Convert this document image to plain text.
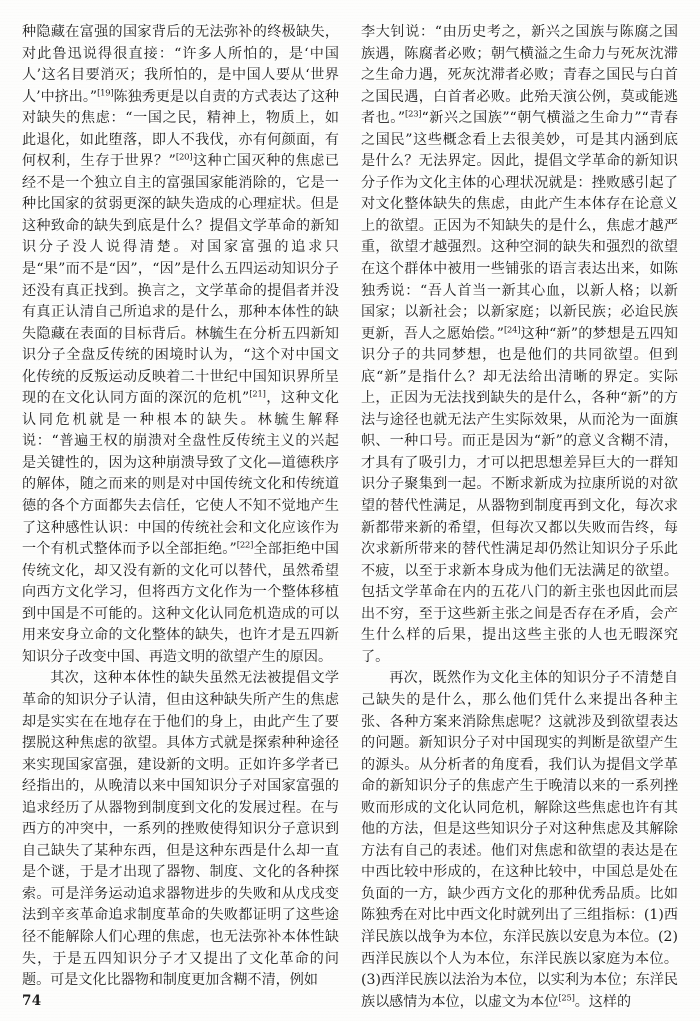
种隐藏在富强的国家背后的无法弥补的终极缺失，对此鲁迅说得很直接：“许多人所怕的，是‘中国人’这名目要消灭；我所怕的，是中国人要从‘世界人’中挤出。”[19]陈独秀更是以自责的方式表达了这种对缺失的焦虑：“一国之民，精神上，物质上，如此退化，如此堕落，即人不我伐，亦有何颜面，有何权利，生存于世界？”[20]这种亡国灭种的焦虑已经不是一个独立自主的富强国家能消除的，它是一种比国家的贫弱更深的缺失造成的心理症状。但是这种致命的缺失到底是什么？提倡文学革命的新知识分子没人说得清楚。对国家富强的追求只是“果”而不是“因”，“因”是什么五四运动知识分子还没有真正找到。换言之，文学革命的提倡者并没有真正认清自己所追求的是什么，那种本体性的缺失隐藏在表面的目标背后。林毓生在分析五四新知识分子全盘反传统的困境时认为，“这个对中国文化传统的反叛运动反映着二十世纪中国知识界所呈现的在文化认同方面的深沉的危机”[21]，这种文化认同危机就是一种根本的缺失。林毓生解释说：“普遍王权的崩溃对全盘性反传统主义的兴起是关键性的，因为这种崩溃导致了文化—道德秩序的解体，随之而来的则是对中国传统文化和传统道德的各个方面都失去信任，它使人不知不觉地产生了这种感性认识：中国的传统社会和文化应该作为一个有机式整体而予以全部拒绝。”[22]全部拒绝中国传统文化，却又没有新的文化可以替代，虽然希望向西方文化学习，但将西方文化作为一个整体移植到中国是不可能的。这种文化认同危机造成的可以用来安身立命的文化整体的缺失，也许才是五四新知识分子改变中国、再造文明的欲望产生的原因。

其次，这种本体性的缺失虽然无法被提倡文学革命的知识分子认清，但由这种缺失所产生的焦虑却是实实在在地存在于他们的身上，由此产生了要摆脱这种焦虑的欲望。具体方式就是探索种种途径来实现国家富强，建设新的文明。正如许多学者已经指出的，从晚清以来中国知识分子对国家富强的追求经历了从器物到制度到文化的发展过程。在与西方的冲突中，一系列的挫败使得知识分子意识到自己缺失了某种东西，但是这种东西是什么却一直是个谜，于是才出现了器物、制度、文化的各种探索。可是洋务运动追求器物进步的失败和从戊戌变法到辛亥革命追求制度革命的失败都证明了这些途径不能解除人们心理的焦虑，也无法弥补本体性缺失，于是五四知识分子才又提出了文化革命的问题。可是文化比器物和制度更加含糊不清，例如

李大钊说：“由历史考之，新兴之国族与陈腐之国族遇，陈腐者必败；朝气横溢之生命力与死灰沈滞之生命力遇，死灰沈滞者必败；青春之国民与白首之国民遇，白首者必败。此殆天演公例，莫或能逃者也。”[23]“新兴之国族”“朝气横溢之生命力”“青春之国民”这些概念看上去很美妙，可是其内涵到底是什么？无法界定。因此，提倡文学革命的新知识分子作为文化主体的心理状况就是：挫败感引起了对文化整体缺失的焦虑，由此产生本体存在论意义上的欲望。正因为不知缺失的是什么，焦虑才越严重，欲望才越强烈。这种空洞的缺失和强烈的欲望在这个群体中被用一些铺张的语言表达出来，如陈独秀说：“吾人首当一新其心血，以新人格；以新国家；以新社会；以新家庭；以新民族；必迨民族更新，吾人之愿始偿。”[24]这种“新”的梦想是五四知识分子的共同梦想，也是他们的共同欲望。但到底“新”是指什么？却无法给出清晰的界定。实际上，正因为无法找到缺失的是什么，各种“新”的方法与途径也就无法产生实际效果，从而沦为一面旗帜、一种口号。而正是因为“新”的意义含糊不清，才具有了吸引力，才可以把思想差异巨大的一群知识分子聚集到一起。不断求新成为拉康所说的对欲望的替代性满足，从器物到制度再到文化，每次求新都带来新的希望，但每次又都以失败而告终，每次求新所带来的替代性满足却仍然让知识分子乐此不疲，以至于求新本身成为他们无法满足的欲望。包括文学革命在内的五花八门的新主张也因此而层出不穷，至于这些新主张之间是否存在矛盾，会产生什么样的后果，提出这些主张的人也无暇深究了。

再次，既然作为文化主体的知识分子不清楚自己缺失的是什么，那么他们凭什么来提出各种主张、各种方案来消除焦虑呢？这就涉及到欲望表达的问题。新知识分子对中国现实的判断是欲望产生的源头。从分析者的角度看，我们认为提倡文学革命的新知识分子的焦虑产生于晚清以来的一系列挫败而形成的文化认同危机，解除这些焦虑也许有其他的方法，但是这些知识分子对这种焦虑及其解除方法有自己的表述。他们对焦虑和欲望的表达是在中西比较中形成的，在这种比较中，中国总是处在负面的一方，缺少西方文化的那种优秀品质。比如陈独秀在对比中西文化时就列出了三组指标：(1)西洋民族以战争为本位，东洋民族以安息为本位。(2)西洋民族以个人为本位，东洋民族以家庭为本位。(3)西洋民族以法治为本位，以实利为本位；东洋民族以感情为本位，以虚文为本位[25]。这样的

74
